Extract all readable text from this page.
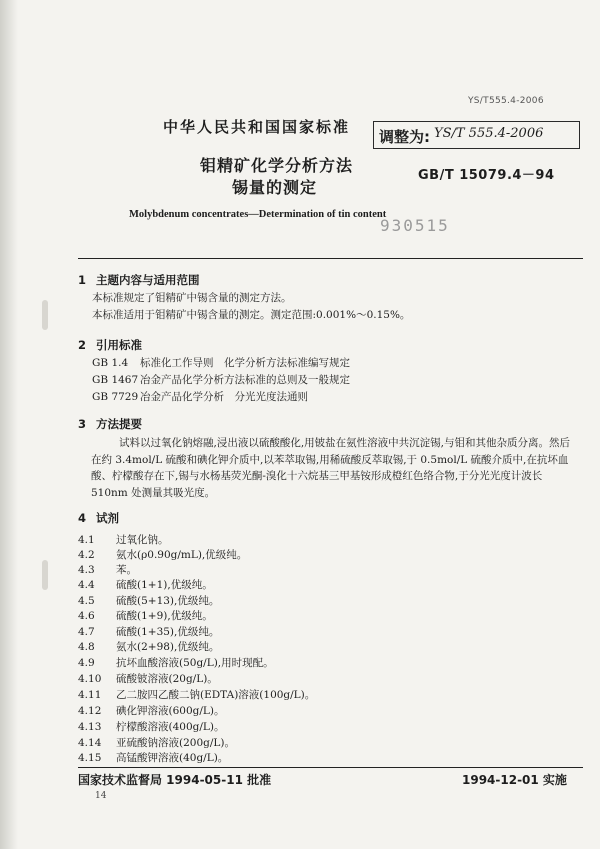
YS/T555.4-2006
中华人民共和国国家标准
调整为: YS/T 555.4-2006
钼精矿化学分析方法
锡量的测定
GB/T 15079.4－94
Molybdenum concentrates—Determination of tin content
930515
1 主题内容与适用范围
本标准规定了钼精矿中锡含量的测定方法。
本标准适用于钼精矿中锡含量的测定。测定范围:0.001%～0.15%。
2 引用标准
GB 1.4 标准化工作导则　化学分析方法标准编写规定
GB 1467 冶金产品化学分析方法标准的总则及一般规定
GB 7729 冶金产品化学分析　分光光度法通则
3 方法提要
试料以过氧化钠熔融,浸出液以硫酸酸化,用铍盐在氨性溶液中共沉淀锡,与钼和其他杂质分离。然后在约 3.4mol/L 硫酸和碘化钾介质中,以苯萃取锡,用稀硫酸反萃取锡,于 0.5mol/L 硫酸介质中,在抗坏血酸、柠檬酸存在下,锡与水杨基荧光酮-溴化十六烷基三甲基铵形成橙红色络合物,于分光光度计波长 510nm 处测量其吸光度。
4 试剂
4.1 过氧化钠。
4.2 氨水(ρ0.90g/mL),优级纯。
4.3 苯。
4.4 硫酸(1+1),优级纯。
4.5 硫酸(5+13),优级纯。
4.6 硫酸(1+9),优级纯。
4.7 硫酸(1+35),优级纯。
4.8 氨水(2+98),优级纯。
4.9 抗坏血酸溶液(50g/L),用时现配。
4.10 硫酸铍溶液(20g/L)。
4.11 乙二胺四乙酸二钠(EDTA)溶液(100g/L)。
4.12 碘化钾溶液(600g/L)。
4.13 柠檬酸溶液(400g/L)。
4.14 亚硫酸钠溶液(200g/L)。
4.15 高锰酸钾溶液(40g/L)。
国家技术监督局 1994-05-11 批准	1994-12-01 实施
14
